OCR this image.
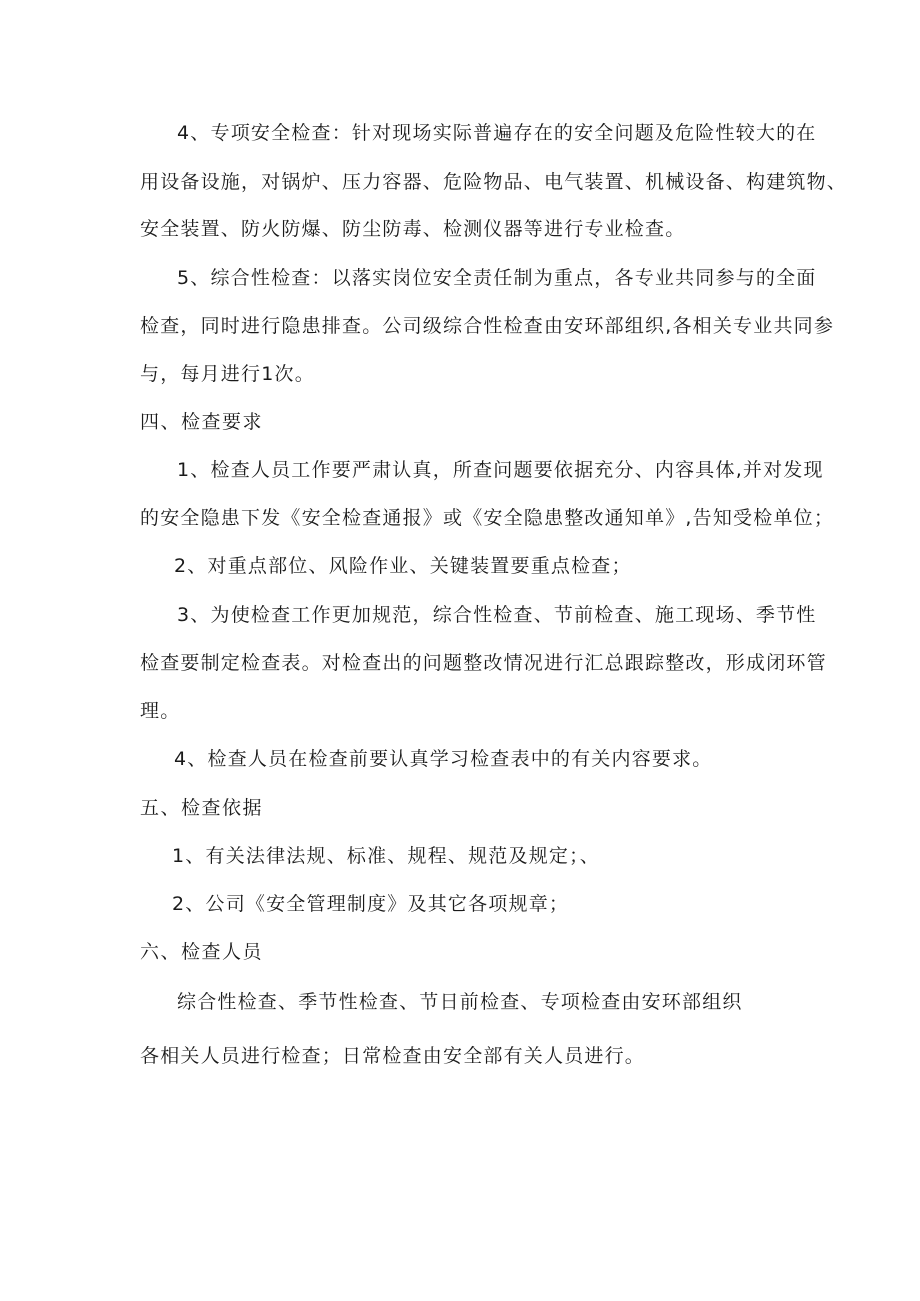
4、专项安全检查：针对现场实际普遍存在的安全问题及危险性较大的在
用设备设施，对锅炉、压力容器、危险物品、电气装置、机械设备、构建筑物、
安全装置、防火防爆、防尘防毒、检测仪器等进行专业检查。
5、综合性检查：以落实岗位安全责任制为重点，各专业共同参与的全面
检查，同时进行隐患排查。公司级综合性检查由安环部组织,各相关专业共同参
与，每月进行1次。
四、检查要求
1、检查人员工作要严肃认真，所查问题要依据充分、内容具体,并对发现
的安全隐患下发《安全检查通报》或《安全隐患整改通知单》,告知受检单位；
2、对重点部位、风险作业、关键装置要重点检查；
3、为使检查工作更加规范，综合性检查、节前检查、施工现场、季节性
检查要制定检查表。对检查出的问题整改情况进行汇总跟踪整改，形成闭环管
理。
4、检查人员在检查前要认真学习检查表中的有关内容要求。
五、检查依据
1、有关法律法规、标准、规程、规范及规定；、
2、公司《安全管理制度》及其它各项规章；
六、检查人员
综合性检查、季节性检查、节日前检查、专项检查由安环部组织
各相关人员进行检查；日常检查由安全部有关人员进行。
